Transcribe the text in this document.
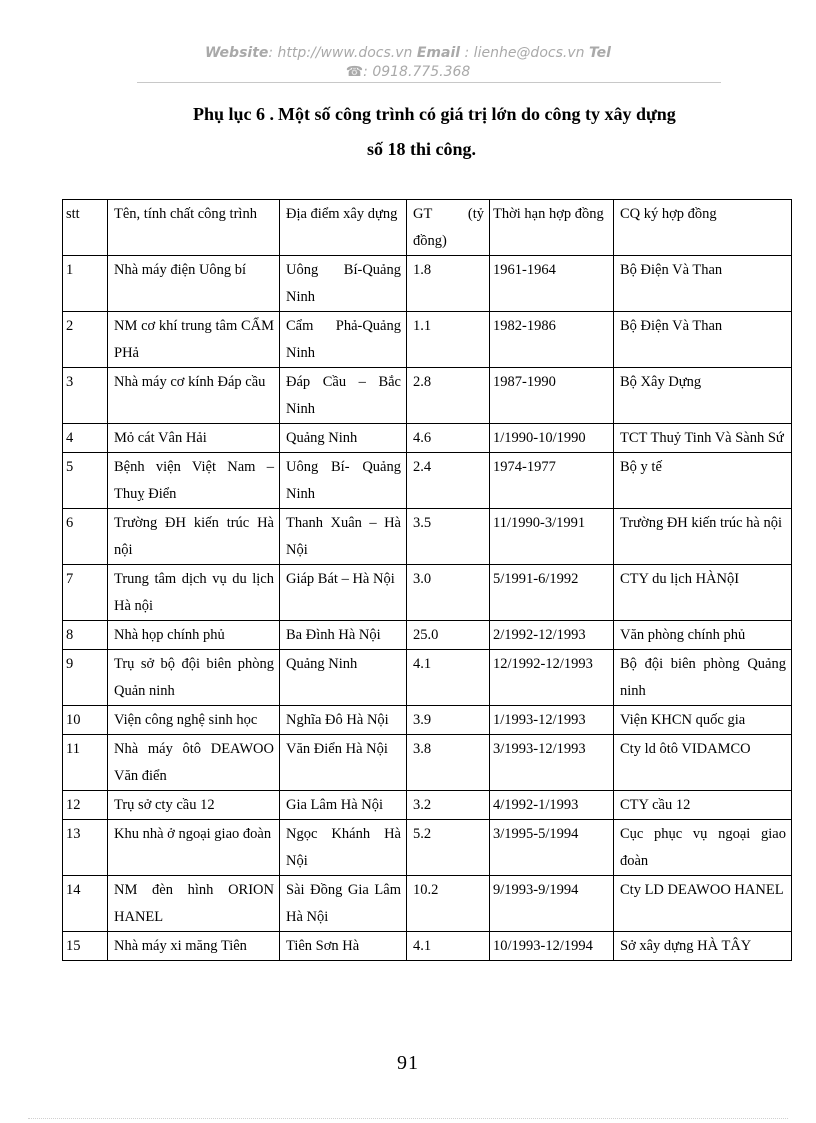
Website: http://www.docs.vn Email : lienhe@docs.vn Tel
☎: 0918.775.368
Phụ lục 6 . Một số công trình có giá trị lớn do công ty xây dựng
số 18 thi công.
stt	Tên, tính chất công trình	Địa điểm xây dựng	GT (tỷ đồng)	Thời hạn hợp đồng	CQ ký hợp đồng
1	Nhà máy điện Uông bí	Uông Bí-Quảng Ninh	1.8	1961-1964	Bộ Điện Và Than
2	NM cơ khí trung tâm CẨM PHả	Cẩm Phả-Quảng Ninh	1.1	1982-1986	Bộ Điện Và Than
3	Nhà máy cơ kính Đáp cầu	Đáp Cầu – Bắc Ninh	2.8	1987-1990	Bộ Xây Dựng
4	Mỏ cát Vân Hải	Quảng Ninh	4.6	1/1990-10/1990	TCT Thuỷ Tinh Và Sành Sứ
5	Bệnh viện Việt Nam – Thuỵ Điển	Uông Bí- Quảng Ninh	2.4	1974-1977	Bộ y tế
6	Trường ĐH kiến trúc Hà nội	Thanh Xuân – Hà Nội	3.5	11/1990-3/1991	Trường ĐH kiến trúc hà nội
7	Trung tâm dịch vụ du lịch Hà nội	Giáp Bát – Hà Nội	3.0	5/1991-6/1992	CTY du lịch HÀNộI
8	Nhà họp chính phủ	Ba Đình Hà Nội	25.0	2/1992-12/1993	Văn phòng chính phủ
9	Trụ sở bộ đội biên phòng Quản ninh	Quảng Ninh	4.1	12/1992-12/1993	Bộ đội biên phòng Quảng ninh
10	Viện công nghệ sinh học	Nghĩa Đô Hà Nội	3.9	1/1993-12/1993	Viện KHCN quốc gia
11	Nhà máy ôtô DEAWOO Văn điển	Văn Điển Hà Nội	3.8	3/1993-12/1993	Cty ld ôtô VIDAMCO
12	Trụ sở cty cầu 12	Gia Lâm Hà Nội	3.2	4/1992-1/1993	CTY cầu 12
13	Khu nhà ở ngoại giao đoàn	Ngọc Khánh Hà Nội	5.2	3/1995-5/1994	Cục phục vụ ngoại giao đoàn
14	NM đèn hình ORION HANEL	Sài Đồng Gia Lâm Hà Nội	10.2	9/1993-9/1994	Cty LD DEAWOO HANEL
15	Nhà máy xi măng Tiên	Tiên Sơn Hà	4.1	10/1993-12/1994	Sở xây dựng HÀ TÂY
91
